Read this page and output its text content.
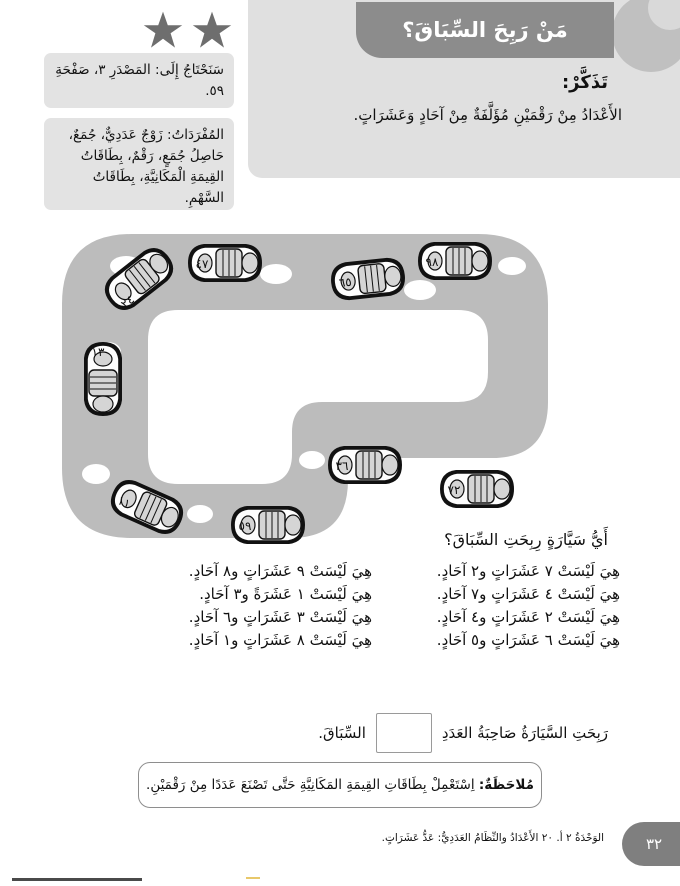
مَنْ رَبِحَ السِّبَاقَ؟
تَذَكَّرْ:
الأَعْدَادُ مِنْ رَقْمَيْنِ مُؤَلَّفَةٌ مِنْ آحَادٍ وَعَشَرَاتٍ.
سَنَحْتَاجُ إِلَى: المَصْدَرِ ٣، صَفْحَةِ ٥٩.
المُفْرَدَاتُ: زَوْجٌ عَدَدِيٌّ، جُمَعٌ، حَاصِلُ جُمَعٍ، رَقْمٌ، بِطَاقَاتُ القِيمَةِ الْمَكَانِيَّةِ، بِطَاقَاتُ السَّهْمِ.
٢٤
٤٧
٦٥
٩٨
١٣
١١
٥٩
٣٦
٧٢
أَيُّ سَيَّارَةٍ رِبِحَتِ السِّبَاقَ؟
هِيَ لَيْسَتْ ٧ عَشَرَاتٍ و٢ آحَادٍ.
هِيَ لَيْسَتْ ٩ عَشَرَاتٍ و٨ آحَادٍ.
هِيَ لَيْسَتْ ٤ عَشَرَاتٍ و٧ آحَادٍ.
هِيَ لَيْسَتْ ١ عَشَرَةً و٣ آحَادٍ.
هِيَ لَيْسَتْ ٢ عَشَرَاتٍ و٤ آحَادٍ.
هِيَ لَيْسَتْ ٣ عَشَرَاتٍ و٦ آحَادٍ.
هِيَ لَيْسَتْ ٦ عَشَرَاتٍ و٥ آحَادٍ.
هِيَ لَيْسَتْ ٨ عَشَرَاتٍ و١ آحَادٍ.
رَبِحَتِ السَّيَارَةُ صَاحِبَةُ العَدَدِ
السِّبَاقَ.
مُلاحَظَةٌ: اِسْتَعْمِلْ بِطَاقَاتِ القِيمَةِ المَكَانِيَّةِ حَتَّى تَصْنَعَ عَدَدًا مِنْ رَقْمَيْنِ.
٣٢
الوَحْدَةُ ٢ أ. ٢٠ الأَعْدَادُ والنِّظَامُ العَدَدِيُّ: عَدُّ عَشَرَاتٍ.
